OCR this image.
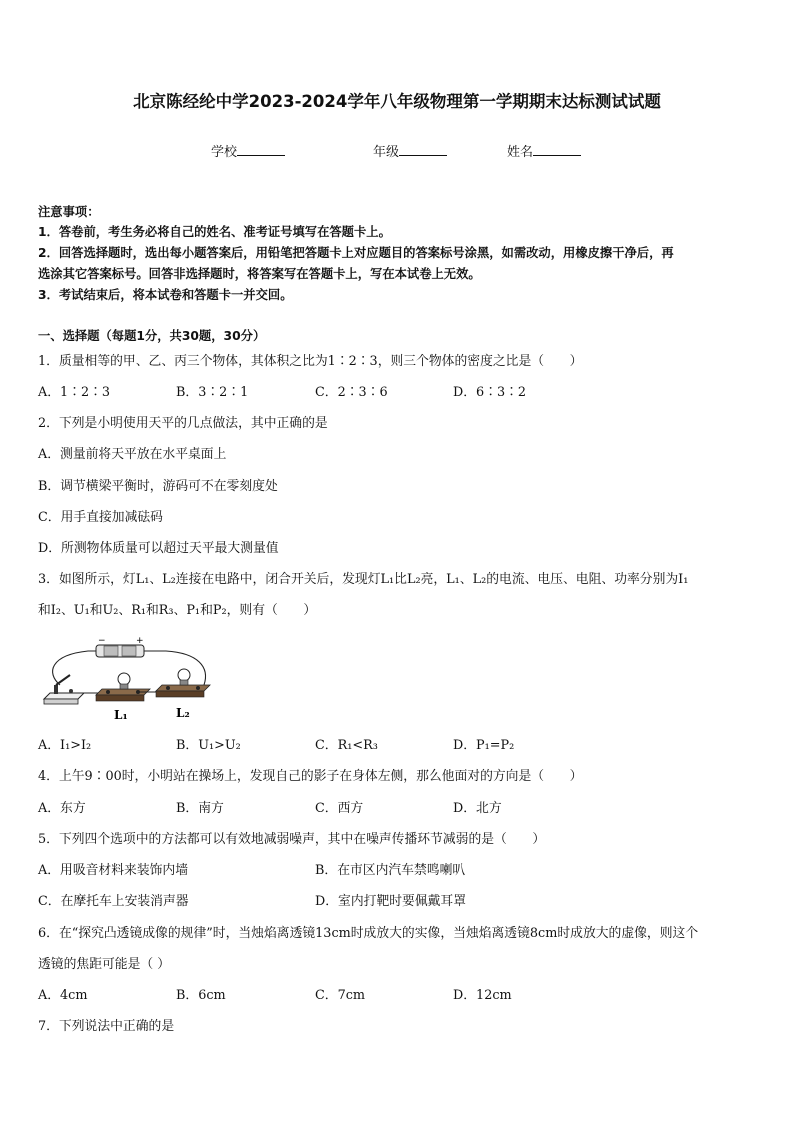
北京陈经纶中学2023-2024学年八年级物理第一学期期末达标测试试题
学校	年级	姓名
注意事项：
1．答卷前，考生务必将自己的姓名、准考证号填写在答题卡上。
2．回答选择题时，选出每小题答案后，用铅笔把答题卡上对应题目的答案标号涂黑，如需改动，用橡皮擦干净后，再
选涂其它答案标号。回答非选择题时，将答案写在答题卡上，写在本试卷上无效。
3．考试结束后，将本试卷和答题卡一并交回。
一、选择题（每题1分，共30题，30分）
1．质量相等的甲、乙、丙三个物体，其体积之比为1∶2∶3，则三个物体的密度之比是（　　）
A．1∶2∶3	B．3∶2∶1	C．2∶3∶6	D．6∶3∶2
2．下列是小明使用天平的几点做法，其中正确的是
A．测量前将天平放在水平桌面上
B．调节横梁平衡时，游码可不在零刻度处
C．用手直接加减砝码
D．所测物体质量可以超过天平最大测量值
3．如图所示，灯L₁、L₂连接在电路中，闭合开关后，发现灯L₁比L₂亮，L₁、L₂的电流、电压、电阻、功率分别为I₁
和I₂、U₁和U₂、R₁和R₃、P₁和P₂，则有（　　）
−	+
L₁	L₂
A．I₁>I₂	B．U₁>U₂	C．R₁<R₃	D．P₁=P₂
4．上午9∶00时，小明站在操场上，发现自己的影子在身体左侧，那么他面对的方向是（　　）
A．东方	B．南方	C．西方	D．北方
5．下列四个选项中的方法都可以有效地减弱噪声，其中在噪声传播环节减弱的是（　　）
A．用吸音材料来装饰内墙	B．在市区内汽车禁鸣喇叭
C．在摩托车上安装消声器	D．室内打靶时要佩戴耳罩
6．在“探究凸透镜成像的规律”时，当烛焰离透镜13cm时成放大的实像，当烛焰离透镜8cm时成放大的虚像，则这个
透镜的焦距可能是（ ）
A．4cm	B．6cm	C．7cm	D．12cm
7．下列说法中正确的是
